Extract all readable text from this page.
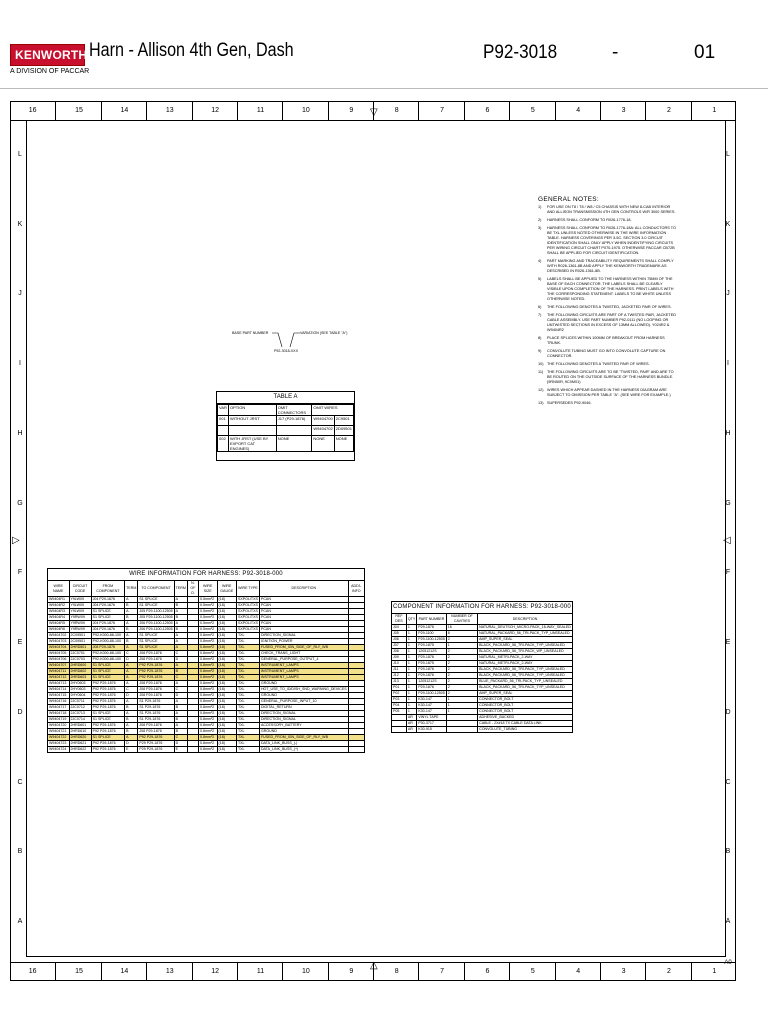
KENWORTH
A DIVISION OF PACCAR
Harn - Allison 4th Gen, Dash	P92-3018	-	01
16	15	14	13	12	11	10	9	8	7	6	5	4	3	2	1
16	15	14	13	12	11	10	9	8	7	6	5	4	3	2	1
L	L
K	K
J	J
I	I
H	H
G	G
F	F
E	E
D	D
C	C
B	B
A	A
A0
▽
△
▷	◁
BASE PART NUMBER	VARIATION (SEE TABLE "A")
P92-3018-XXX
TABLE A
VAR	OPTION	OMIT CONNECTORS	OMIT WIRES	
001	WITHOUT JRST	J17 (P29-1876)	W9404700	2C9501
			W9404702	2D09501
002	WITH JRST (USE BY EXPORT CAT ENGINES)	NONE	NONE	NONE
GENERAL NOTES:
1)	FOR USE ON T8 / T8 / W8 / C5 CHASSIS WITH NEW 8-CAB INTERIOR AND ALLISON TRANSMISSION 4TH GEN CONTROLS W/R 3000 SERIES.
2)	HARNESS SHALL CONFORM TO R026-1776-18.
3)	HARNESS SHALL CONFORM TO R026-1776-18A: ALL CONDUCTORS TO BE TXL UNLESS NOTED OTHERWISE IN THE WIRE INFORMATION TABLE. HARNESS COVERINGS PER 3-5C. SECTION 3.0 CIRCUIT IDENTIFICATION SHALL ONLY APPLY WHEN INDENTIFYING CIRCUITS PER WIRING CIRCUIT CHART P070-1975. OTHERWISE PACCAR CB72B SHALL BE APPLIED FOR CIRCUIT IDENTIFICATION.
4)	PART MARKING AND TRACEABILITY REQUIREMENTS SHALL COMPLY WITH R026-1361-8B AND APPLY THE KENWORTH TRADEMARK AS DESCRIBED IN R026-1361-8B.
5)	LABELS SHALL BE APPLIED TO THE HARNESS WITHIN 75MM OF THE BASE OF EACH CONNECTOR. THE LABELS SHALL BE CLEARLY VISIBLE UPON COMPLETION OF THE HARNESS. PRINT LABELS WITH THE CORRESPONDING STATEMENT. LABELS TO BE WHITE UNLESS OTHERWISE NOTED.
6)	THE FOLLOWING DENOTES A TWISTED, JACKETED PAIR OF WIRES.
7)	THE FOLLOWING CIRCUITS ARE PART OF A TWISTED PAIR, JACKETED CABLE ASSEMBLY. USE PART NUMBER P92-0111 (NO LOOPING OR UNTWISTED SECTIONS IN EXCESS OF 13MM ALLOWED). Y024R2 & W9404R2
8)	PLACE SPLICES WITHIN 100MM OF BREAKOUT FROM HARNESS TRUNK.
9)	CONVOLUTE TUBING MUST GO INTO CONVOLUTE CAPTURE ON CONNECTOR.
10) THE FOLLOWING DENOTES A TWISTED PAIR OF WIRES.
11) THE FOLLOWING CIRCUITS ARE TO BE "TWISTED, PAIR" AND ARE TO BE ROUTED ON THE OUTSIDE SURFACE OF THE HARNESS BUNDLE. (9RN50R, 9C0M01)
12) WIRES WHICH APPEAR DASHED IN THE HARNESS DIAGRAM ARE SUBJECT TO OMISSION PER TABLE "A". (SEE WIRE FOR EXAMPLE.)
13) SUPERSEDES P92-9046.
WIRE INFORMATION FOR HARNESS: P92-3018-000											
WIRE NAME	CIRCUIT CODE	FROM COMPONENT	TERM	TO COMPONENT	TERM	N. OF O.	WIRE SIZE	WIRE GAUGE	WIRE TYPE	DESCRIPTION	ADD'L INFO
W9404R1	Y9LW09	J04 P29-1876	A	S1 SPLICE	A		0.5mm²2	(18)	SXPOL/TXS	PCAN	
W9404R2	Y9LW09	J04 P29-1876	B	S1 SPLICE	B		0.5mm²2	(18)	SXPOL/TXS	PCAN	
W9404R3	Y9LW09	S1 SPLICE	A	J05 P29-1100-12505	A		0.5mm²2	(18)	SXPOL/TXS	PCAN	
W9404R4	Y9RW09	S1 SPLICE	B	J05 P29-1100-12505	B		0.5mm²2	(18)	SXPOL/TXS	PCAN	
W9404R5	Y9RW09	J04 P29-1876	A	J06 P29-1100-12505	A		0.5mm²2	(18)	SXPOL/TXS	PCAN	
W9404R6	Y9RW09	J04 P29-1876	B	J06 P29-1100-12505	B		0.5mm²2	(18)	SXPOL/TXS	PCAN	
W9404702	2C09501	P92-K000-88-100	A	S1 SPLICE	A		0.8mm²2	(18)	TXL	DIRECTION_SIGNAL	
W9404703	2C09501	P92-K000-88-100	B	S1 SPLICE	A		0.8mm²2	(18)	TXL	IGNITION_POWER	
W9404704	2HRD501	J08 P29-1876	A	S1 SPLICE	A		0.8mm²2	(18)	TXL	FUSED_FROM_IGN_SIDE_OF_RLY_WB	
W9404705	2JC0701	P92-K000-88-100	C	J08 P29-1876	C		0.8mm²2	(18)	TXL	CHECK_TRANS_LIGHT	
W9404706	2JC0703	P92-K000-88-100	D	J08 P29-1876	D		0.8mm²2	(18)	TXL	GENERAL_PURPOSE_OUTPUT_4	
W9404707	2HRD600	S1 SPLICE	A	P92 P29-1876	A		0.8mm²2	(18)	TXL	INSTRUMENT_LAMPS	
W9404711	2HRD602	S1 SPLICE	A	P92 P29-1876	B		0.8mm²2	(18)	TXL	INSTRUMENT_LAMPS	
W9404712	2HRD603	S1 SPLICE	A	P92 P29-1876	C		0.8mm²2	(18)	TXL	INSTRUMENT_LAMPS	
W9404713	2HY0603	P92 P29-1876	A	J08 P29-1876	A		0.8mm²2	(18)	TXL	GROUND	
W9404714	2HY0603	P92 P29-1876	C	J08 P29-1876	C		0.8mm²2	(18)	TXL	HOT_USE_TO_ID/DISH_SND_WARNING_DEVICES	
W9404715	2HY0604	P92 P29-1876	D	J08 P29-1876	D		0.8mm²2	(18)	TXL	GROUND	
W9404716	2JC0711	P92 P29-1876	A	S1 P29-1876	A		0.8mm²2	(18)	TXL	GENERAL_PURPOSE_INPUT_10	
W9404717	2JC0712	P92 P29-1876	B	S1 P29-1876	B		0.8mm²2	(18)	TXL	DIGITAL_RETURN	
W9404718	2JC0713	S1 SPLICE	A	S1 P29-1876	A		0.8mm²2	(18)	TXL	DIRECTION_SIGNAL	
W9404719	2JC0714	S1 SPLICE	B	S1 P29-1876	B		0.8mm²2	(18)	TXL	DIRECTION_SIGNAL	
W9404720	2HRD601	P92 P29-1876	A	J08 P29-1876	A		0.8mm²2	(18)	TXL	ACCESSORY_BATTERY	
W9404721	2HRD610	P92 P29-1876	B	J08 P29-1876	B		0.8mm²2	(18)	TXL	GROUND	
W9404722	2HRD620	S1 SPLICE	A	P92 P29-1876	C		0.8mm²2	(18)	TXL	FUSED_FROM_IGN_SIDE_OF_RLY_WB	
W9404723	2HRD621	P92 P29-1876	D	P29 P29-1876	D		0.8mm²2	(18)	TXL	DATA_LINK_BUSS_(-)	
W9404724	2HRD622	P92 P29-1876	E	P29 P29-1876	E		0.8mm²2	(18)	TXL	DATA_LINK_BUSS_(+)	
COMPONENT INFORMATION FOR HARNESS: P92-3018-000				
REF DES	QTY	PART NUMBER	NUMBER OF CAVITIES	DESCRIPTION
J04	1	P29-1876	16	NATURAL_DEUTSCH_MICRO-PACK_16-WAY_SEALED
J05	1	P29-1100	8	NATURAL_PACKARD_56_TRI-PACK_TYP_UNSEALED
J06	1	P29-1100-12505	2	AMP_SUPER_SEAL
J07	1	P29-1875	1	BLACK_PACKARD_56_TRI-PACK_TYP_UNSEALED
J08	1	12051212S	2	BLACK_PACKARD_56_TRI-PACK_WP_UNSEALED
J09	1	P29-1876	2	NATURAL_METRI-PACK_2-WAY
J10	1	P29-1875	2	NATURAL_METRI-PACK_2-WAY
J11	1	P29-1876	2	BLACK_PACKARD_56_TRI-PACK_TYP_UNSEALED
J12	1	P29-1876	2	BLACK_PACKARD_56_TRI-PACK_TYP_UNSEALED
J13	1	12051212S	2	BLUE_PACKARD_56_TRI-PACK_TYP_UNSEALED
P01	1	P29-1876	2	BLACK_PACKARD_56_TRI-PACK_TYP_UNSEALED
P02	1	P29-1100-12505	2	AMP_SUPER_SEAL
P03	1	K30-147	1	CONNECTOR_BOLT
P04	1	K30-147	1	CONNECTOR_BOLT
P05	1	K30-147	1	CONNECTOR_BOLT
	AR	VINYL TAPE		ADHESIVE_BACKED
	AR	P30-3717		CABLE - 2X#18 TX CABLE DATA LINK
	AR	K30-915		CONVOLUTE_TUBING
